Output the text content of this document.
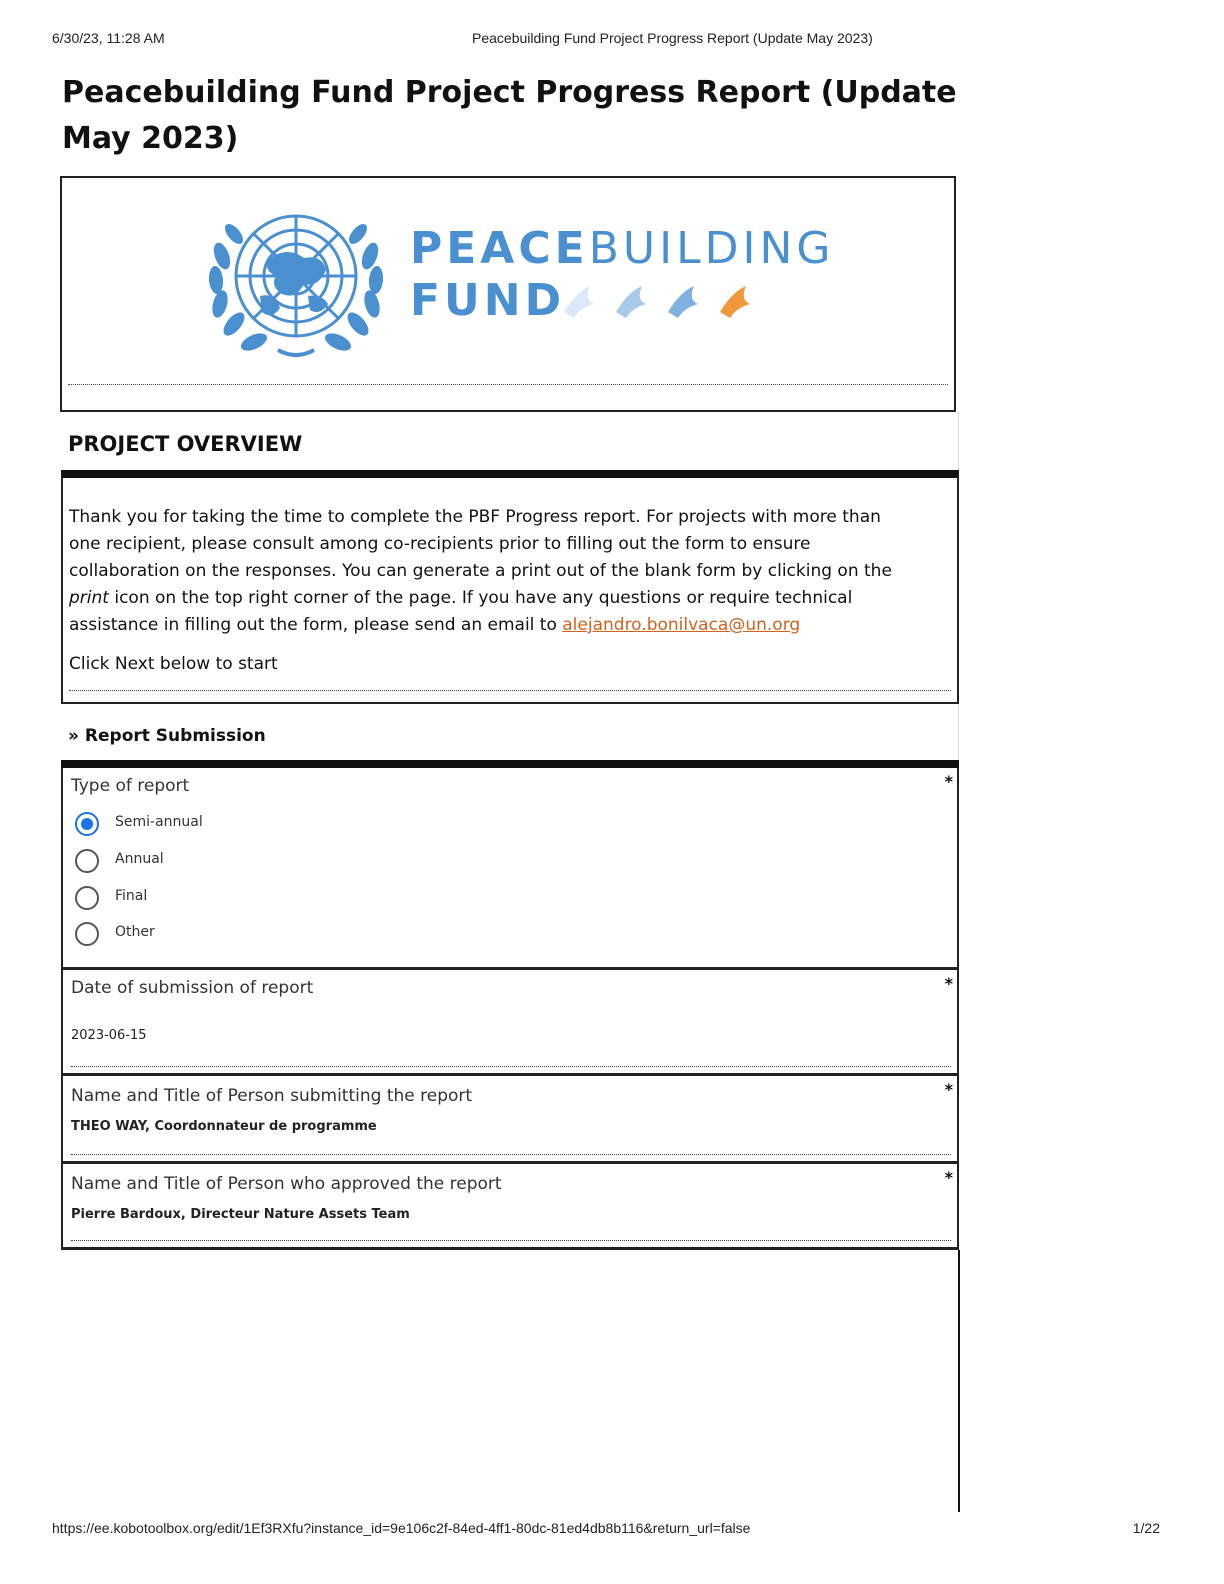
6/30/23, 11:28 AM	Peacebuilding Fund Project Progress Report (Update May 2023)
Peacebuilding Fund Project Progress Report (Update May 2023)
PEACEBUILDING
FUND
PROJECT OVERVIEW
Thank you for taking the time to complete the PBF Progress report. For projects with more than one recipient, please consult among co-recipients prior to filling out the form to ensure collaboration on the responses. You can generate a print out of the blank form by clicking on the print icon on the top right corner of the page. If you have any questions or require technical assistance in filling out the form, please send an email to alejandro.bonilvaca@un.org
Click Next below to start
» Report Submission
*
Type of report
Semi-annual
Annual
Final
Other
*
Date of submission of report
2023-06-15
*
Name and Title of Person submitting the report
THEO WAY, Coordonnateur de programme
*
Name and Title of Person who approved the report
Pierre Bardoux, Directeur Nature Assets Team
https://ee.kobotoolbox.org/edit/1Ef3RXfu?instance_id=9e106c2f-84ed-4ff1-80dc-81ed4db8b116&return_url=false	1/22
